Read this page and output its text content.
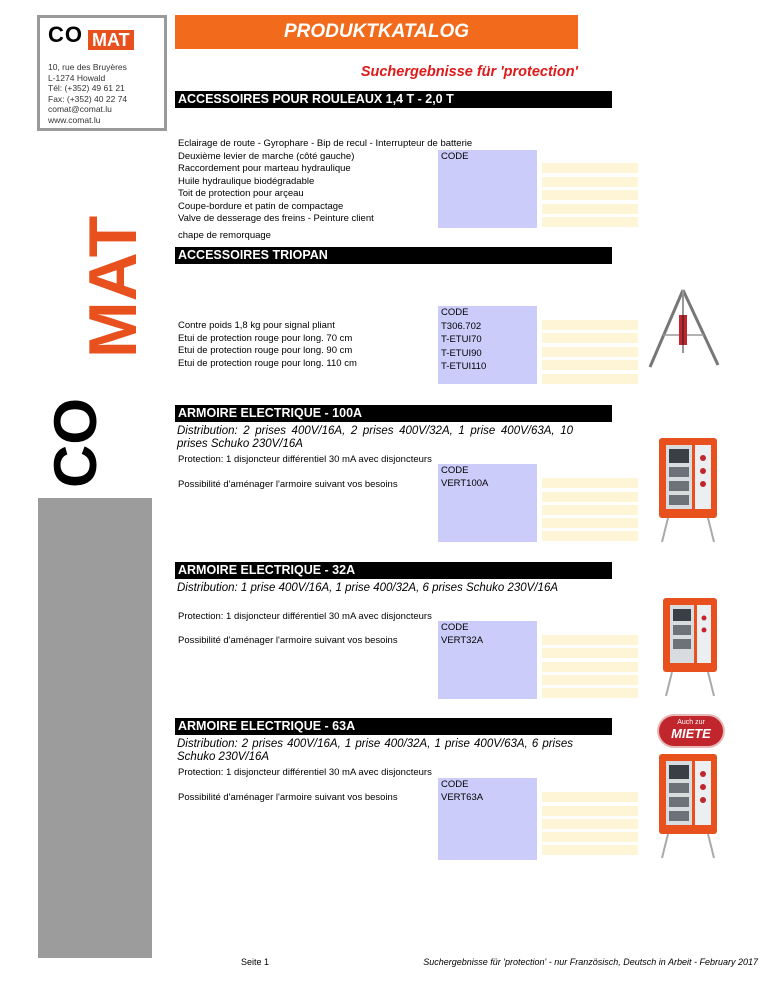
CO MAT
10, rue des Bruyères
L-1274 Howald
Tél: (+352) 49 61 21
Fax: (+352) 40 22 74
comat@comat.lu
www.comat.lu
MAT
CO
PRODUKTKATALOG
Suchergebnisse für 'protection'
ACCESSOIRES POUR ROULEAUX 1,4 T - 2,0 T
Eclairage de route - Gyrophare - Bip de recul - Interrupteur de batterie
Deuxième levier de marche (côté gauche)
Raccordement pour marteau hydraulique
Huile hydraulique biodégradable
Toit de protection pour arçeau
Coupe-bordure et patin de compactage
Valve de desserage des freins - Peinture client
chape de remorquage
CODE
ACCESSOIRES TRIOPAN
Contre poids 1,8 kg pour signal pliant
Etui de protection rouge pour long. 70 cm
Etui de protection rouge pour long. 90 cm
Etui de protection rouge pour long. 110 cm
CODE
T306.702
T-ETUI70
T-ETUI90
T-ETUI110
ARMOIRE ELECTRIQUE - 100A
Distribution: 2 prises 400V/16A, 2 prises 400V/32A, 1 prise 400V/63A, 10 prises Schuko 230V/16A
Protection: 1 disjoncteur différentiel 30 mA avec disjoncteurs
Possibilité d'aménager l'armoire suivant vos besoins
CODE
VERT100A
ARMOIRE ELECTRIQUE - 32A
Distribution: 1 prise 400V/16A, 1 prise 400/32A, 6 prises Schuko 230V/16A
Protection: 1 disjoncteur différentiel 30 mA avec disjoncteurs
Possibilité d'aménager l'armoire suivant vos besoins
CODE
VERT32A
ARMOIRE ELECTRIQUE - 63A
Distribution: 2 prises 400V/16A, 1 prise 400/32A, 1 prise 400V/63A, 6 prises Schuko 230V/16A
Protection: 1 disjoncteur différentiel 30 mA avec disjoncteurs
Possibilité d'aménager l'armoire suivant vos besoins
CODE
VERT63A
Auch zur
MIETE
Seite 1	Suchergebnisse für 'protection' - nur Französisch, Deutsch in Arbeit - February 2017
